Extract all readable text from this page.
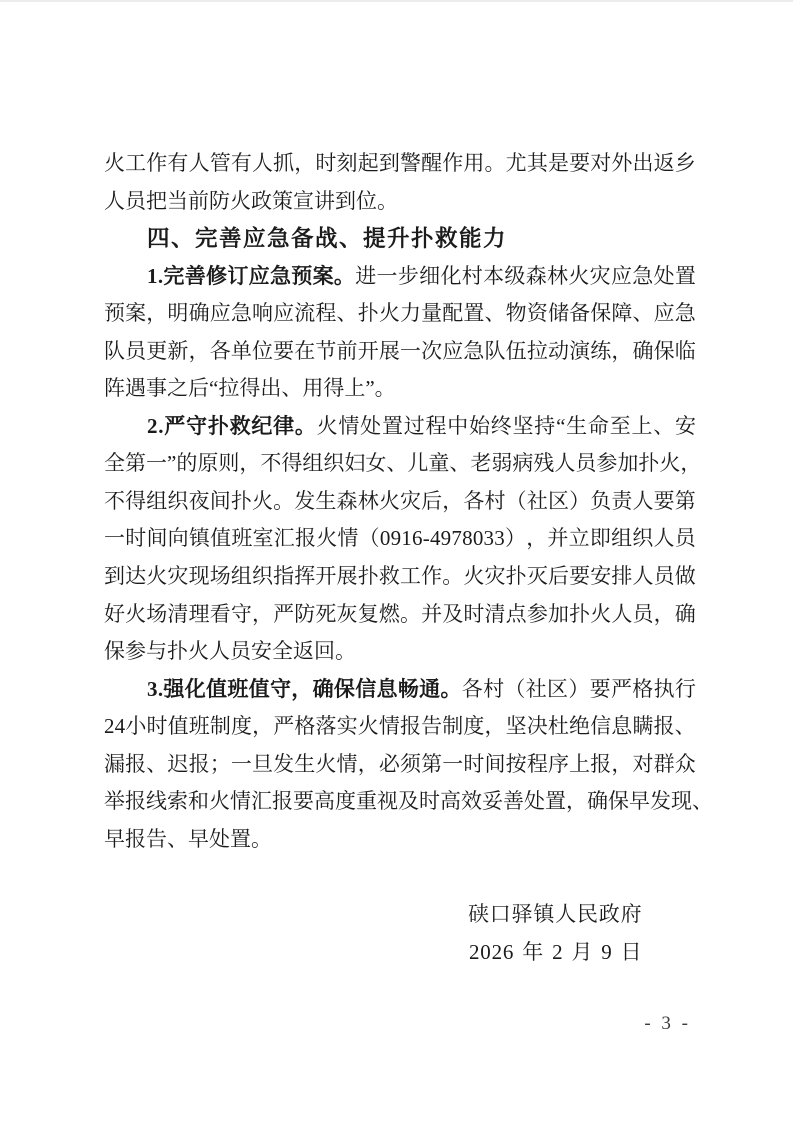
火 工 作 有 人 管 有 人 抓 ， 时 刻 起 到 警 醒 作 用 。 尤 其 是 要 对 外 出 返 乡
人员把当前防火政策宣讲到位。
四、完善应急备战、提升扑救能力
1 . 完 善 修 订 应 急 预 案 。 进 一 步 细 化 村 本 级 森 林 火 灾 应 急 处 置
预 案 ， 明 确 应 急 响 应 流 程 、 扑 火 力 量 配 置 、 物 资 储 备 保 障 、 应 急
队 员 更 新 ， 各 单 位 要 在 节 前 开 展 一 次 应 急 队 伍 拉 动 演 练 ， 确 保 临
阵遇事之后“拉得出、用得上”。
2 . 严 守 扑 救 纪 律 。 火 情 处 置 过 程 中 始 终 坚 持 “ 生 命 至 上 、 安
全 第 一 ” 的 原 则 ， 不 得 组 织 妇 女 、 儿 童 、 老 弱 病 残 人 员 参 加 扑 火 ，
不 得 组 织 夜 间 扑 火 。 发 生 森 林 火 灾 后 ， 各 村 （ 社 区 ） 负 责 人 要 第
一 时 间 向 镇 值 班 室 汇 报 火 情 （ 0 9 1 6 - 4 9 7 8 0 3 3 ） ， 并 立 即 组 织 人 员
到 达 火 灾 现 场 组 织 指 挥 开 展 扑 救 工 作 。 火 灾 扑 灭 后 要 安 排 人 员 做
好 火 场 清 理 看 守 ， 严 防 死 灰 复 燃 。 并 及 时 清 点 参 加 扑 火 人 员 ， 确
保参与扑火人员安全返回。
3 . 强 化 值 班 值 守 ， 确 保 信 息 畅 通 。 各 村 （ 社 区 ） 要 严 格 执 行
2 4 小 时 值 班 制 度 ， 严 格 落 实 火 情 报 告 制 度 ， 坚 决 杜 绝 信 息 瞒 报 、
漏 报 、 迟 报 ； 一 旦 发 生 火 情 ， 必 须 第 一 时 间 按 程 序 上 报 ， 对 群 众
举 报 线 索 和 火 情 汇 报 要 高 度 重 视 及 时 高 效 妥 善 处 置 ， 确 保 早 发 现 、
早报告、早处置。
硖口驿镇人民政府
2026 年 2 月 9 日
- 3 -
